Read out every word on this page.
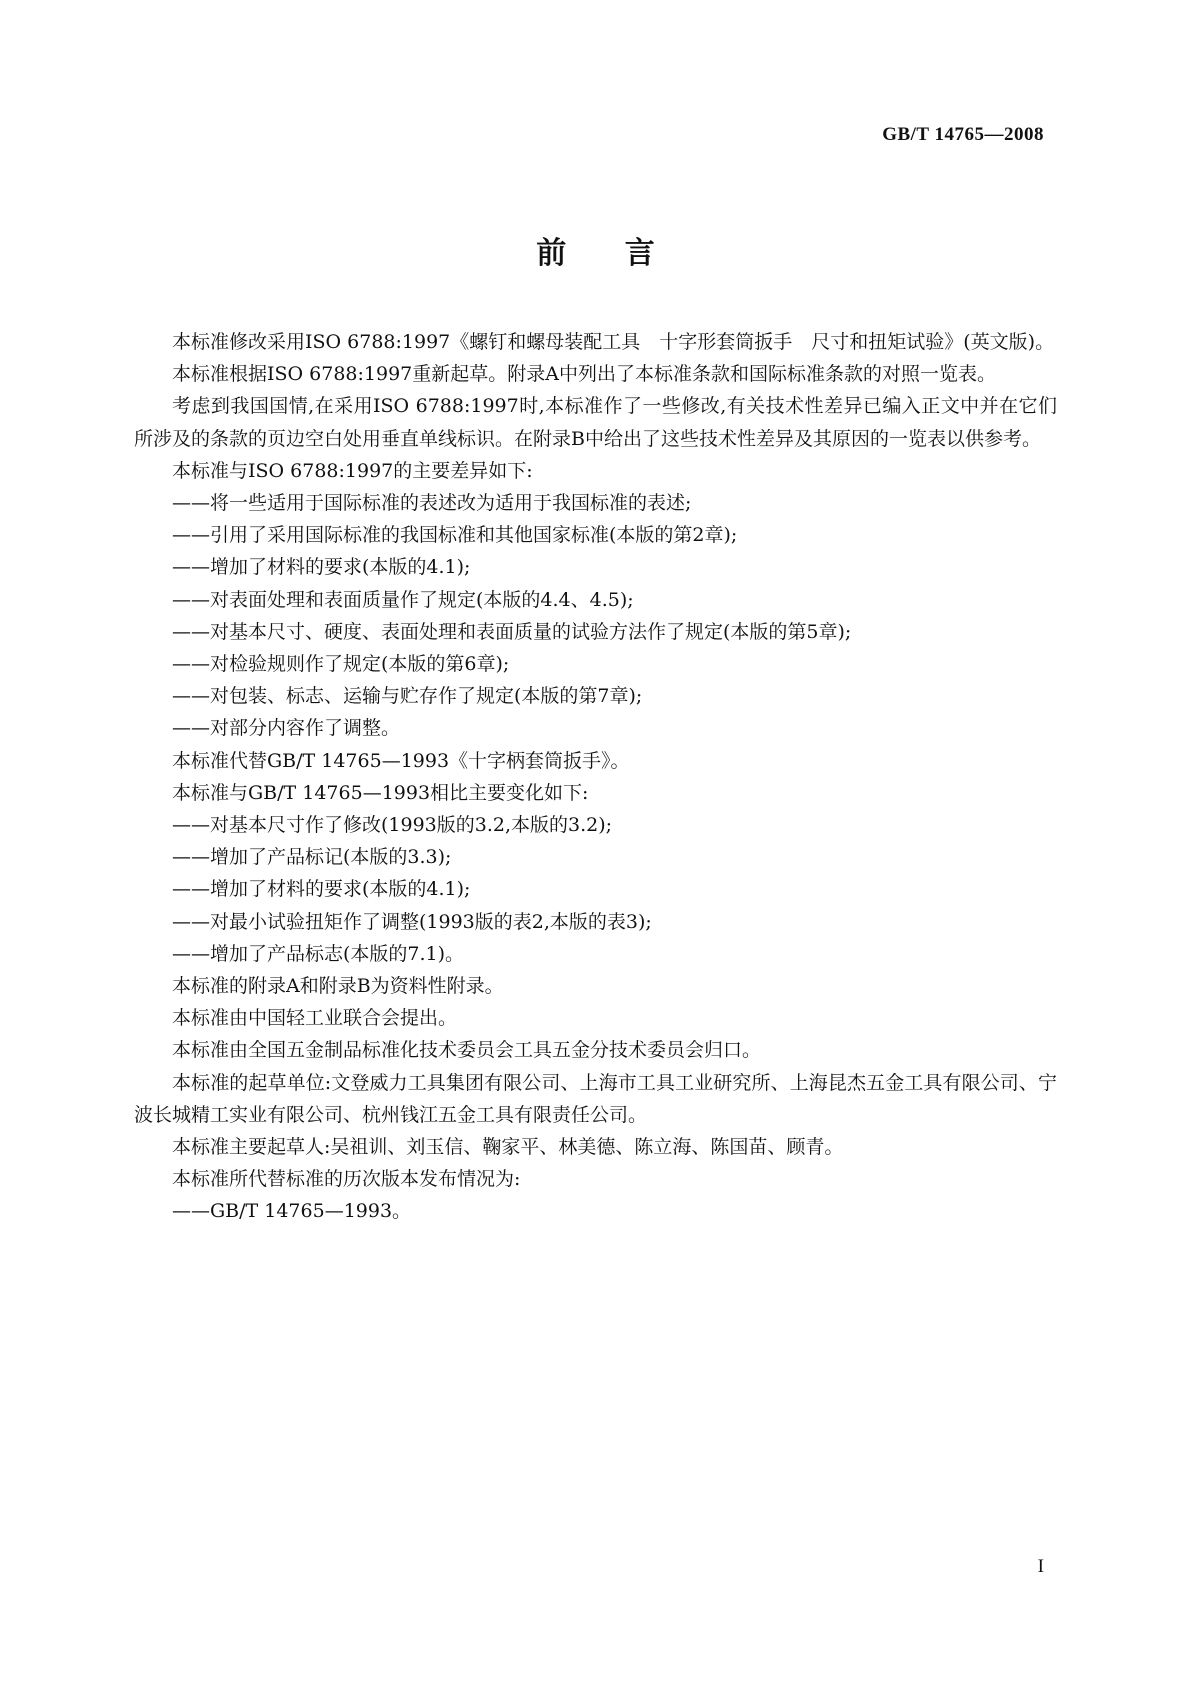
GB/T 14765—2008
前 言

本标准修改采用ISO 6788:1997《螺钉和螺母装配工具　十字形套筒扳手　尺寸和扭矩试验》(英文版)。

本标准根据ISO 6788:1997重新起草。附录A中列出了本标准条款和国际标准条款的对照一览表。

考虑到我国国情,在采用ISO 6788:1997时,本标准作了一些修改,有关技术性差异已编入正文中并在它们所涉及的条款的页边空白处用垂直单线标识。在附录B中给出了这些技术性差异及其原因的一览表以供参考。

本标准与ISO 6788:1997的主要差异如下:

——将一些适用于国际标准的表述改为适用于我国标准的表述;

——引用了采用国际标准的我国标准和其他国家标准(本版的第2章);

——增加了材料的要求(本版的4.1);

——对表面处理和表面质量作了规定(本版的4.4、4.5);

——对基本尺寸、硬度、表面处理和表面质量的试验方法作了规定(本版的第5章);

——对检验规则作了规定(本版的第6章);

——对包装、标志、运输与贮存作了规定(本版的第7章);

——对部分内容作了调整。

本标准代替GB/T 14765—1993《十字柄套筒扳手》。

本标准与GB/T 14765—1993相比主要变化如下:

——对基本尺寸作了修改(1993版的3.2,本版的3.2);

——增加了产品标记(本版的3.3);

——增加了材料的要求(本版的4.1);

——对最小试验扭矩作了调整(1993版的表2,本版的表3);

——增加了产品标志(本版的7.1)。

本标准的附录A和附录B为资料性附录。

本标准由中国轻工业联合会提出。

本标准由全国五金制品标准化技术委员会工具五金分技术委员会归口。

本标准的起草单位:文登威力工具集团有限公司、上海市工具工业研究所、上海昆杰五金工具有限公司、宁波长城精工实业有限公司、杭州钱江五金工具有限责任公司。

本标准主要起草人:吴祖训、刘玉信、鞠家平、林美德、陈立海、陈国苗、顾青。

本标准所代替标准的历次版本发布情况为:

——GB/T 14765—1993。

I
